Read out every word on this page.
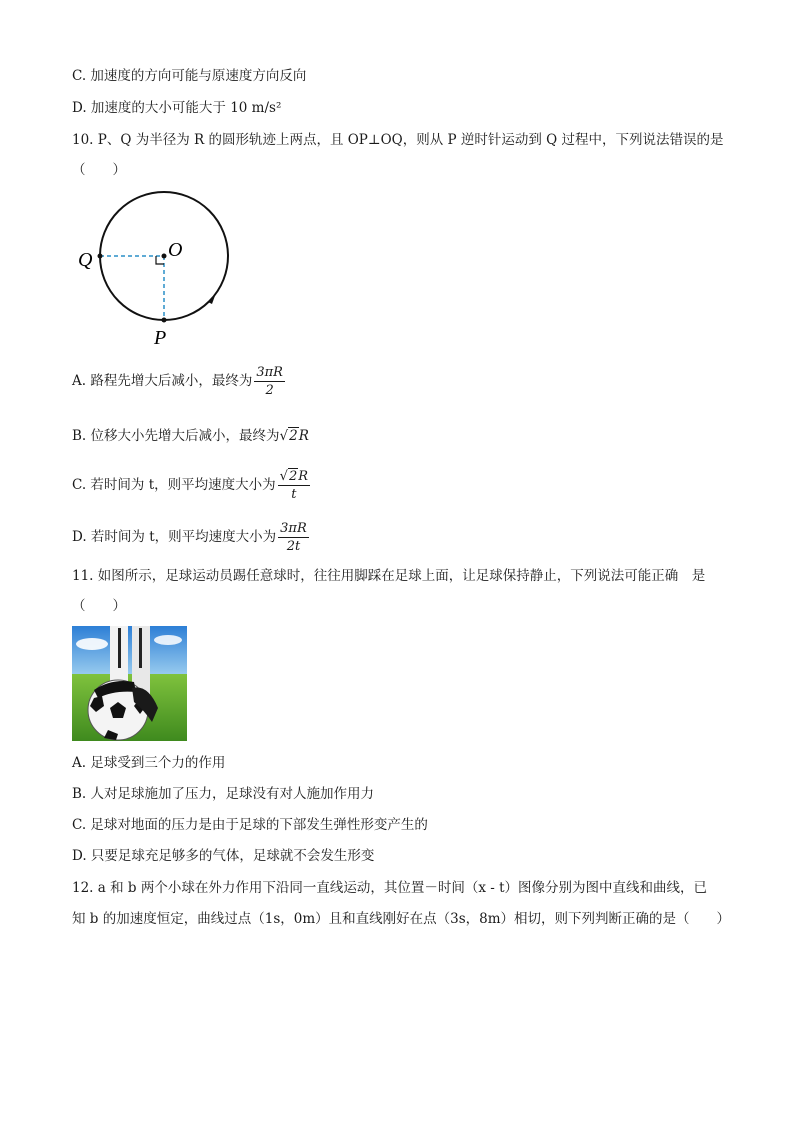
C. 加速度的方向可能与原速度方向反向
D. 加速度的大小可能大于 10 m/s²
10. P、Q 为半径为 R 的圆形轨迹上两点，且 OP⊥OQ，则从 P 逆时针运动到 Q 过程中，下列说法错误的是
（　　）
Q	O
P
A. 路程先增大后减小，最终为 $\frac{3\pi R}{2}$
B. 位移大小先增大后减小，最终为√2R
C. 若时间为 t，则平均速度大小为 $\frac{√2R}{t}$
D. 若时间为 t，则平均速度大小为 $\frac{3\pi R}{2t}$
11. 如图所示，足球运动员踢任意球时，往往用脚踩在足球上面，让足球保持静止，下列说法可能正确　是
（　　）
A. 足球受到三个力的作用
B. 人对足球施加了压力，足球没有对人施加作用力
C. 足球对地面的压力是由于足球的下部发生弹性形变产生的
D. 只要足球充足够多的气体，足球就不会发生形变
12. a 和 b 两个小球在外力作用下沿同一直线运动，其位置－时间（x - t）图像分别为图中直线和曲线，已
知 b 的加速度恒定，曲线过点（1s，0m）且和直线刚好在点（3s，8m）相切，则下列判断正确的是（　　）
